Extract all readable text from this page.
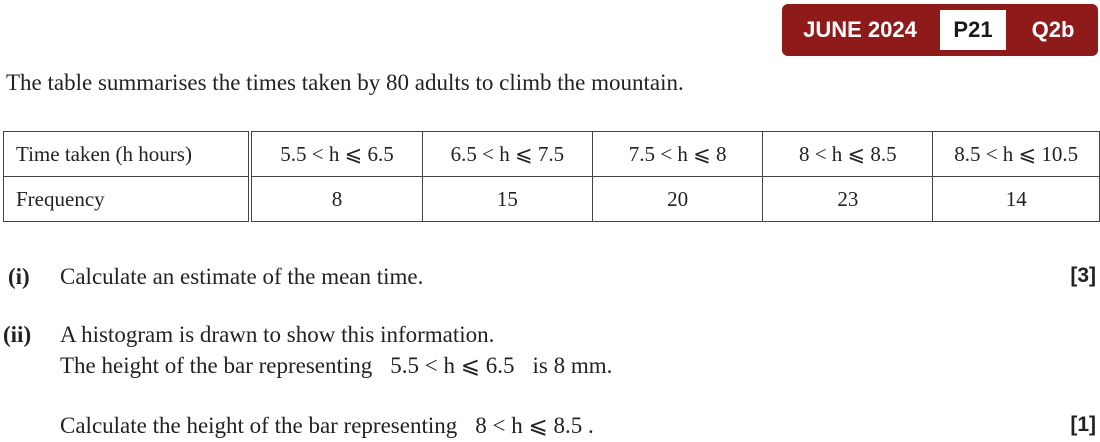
JUNE 2024	P21	Q2b
The table summarises the times taken by 80 adults to climb the mountain.
Time taken (h hours)	5.5 < h ⩽ 6.5	6.5 < h ⩽ 7.5	7.5 < h ⩽ 8	8 < h ⩽ 8.5	8.5 < h ⩽ 10.5
Frequency	8	15	20	23	14
(i) Calculate an estimate of the mean time.	[3]
(ii) A histogram is drawn to show this information.
The height of the bar representing 5.5 < h ⩽ 6.5 is 8 mm.
Calculate the height of the bar representing 8 < h ⩽ 8.5 .	[1]
